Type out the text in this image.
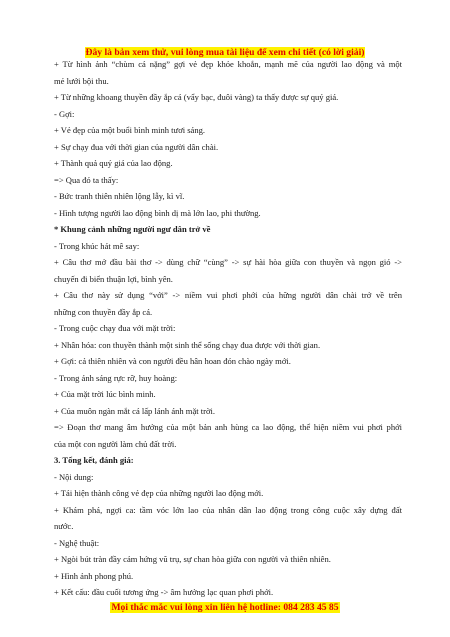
Đây là bản xem thử, vui lòng mua tài liệu để xem chi tiết (có lời giải)
+ Từ hình ảnh “chùm cá nặng” gợi vẻ đẹp khỏe khoắn, mạnh mẽ của người lao động và một
mẻ lưới bội thu.
+ Từ những khoang thuyền đầy ắp cá (vẩy bạc, đuôi vàng) ta thấy được sự quý giá.
- Gợi:
+ Vẻ đẹp của một buổi bình minh tươi sáng.
+ Sự chạy đua với thời gian của người dân chài.
+ Thành quả quý giá của lao động.
=> Qua đó ta thấy:
- Bức tranh thiên nhiên lộng lẫy, kì vĩ.
- Hình tượng người lao động bình dị mà lớn lao, phi thường.
* Khung cảnh những người ngư dân trở về
- Trong khúc hát mê say:
+ Câu thơ mở đầu bài thơ -> dùng chữ “cùng” -> sự hài hòa giữa con thuyền và ngọn gió ->
chuyến đi biển thuận lợi, bình yên.
+ Câu thơ này sử dụng “với” -> niềm vui phơi phới của hững người dân chài trở về trên
những con thuyền đầy ắp cá.
- Trong cuộc chạy đua với mặt trời:
+ Nhân hóa: con thuyền thành một sinh thể sống chạy đua được với thời gian.
+ Gợi: cả thiên nhiên và con người đều hân hoan đón chào ngày mới.
- Trong ánh sáng rực rỡ, huy hoàng:
+ Của mặt trời lúc bình minh.
+ Của muôn ngàn mắt cá lấp lánh ánh mặt trời.
=> Đoạn thơ mang âm hưởng của một bản anh hùng ca lao động, thể hiện niềm vui phơi phới
của một con người làm chủ đất trời.
3. Tổng kết, đánh giá:
- Nội dung:
+ Tái hiện thành công vẻ đẹp của những người lao động mới.
+ Khám phá, ngợi ca: tầm vóc lớn lao của nhân dân lao động trong công cuộc xây dựng đất
nước.
- Nghệ thuật:
+ Ngòi bút tràn đầy cảm hứng vũ trụ, sự chan hòa giữa con người và thiên nhiên.
+ Hình ảnh phong phú.
+ Kết cấu: đầu cuối tương ứng -> âm hưởng lạc quan phơi phới.
Mọi thắc mắc vui lòng xin liên hệ hotline: 084 283 45 85
